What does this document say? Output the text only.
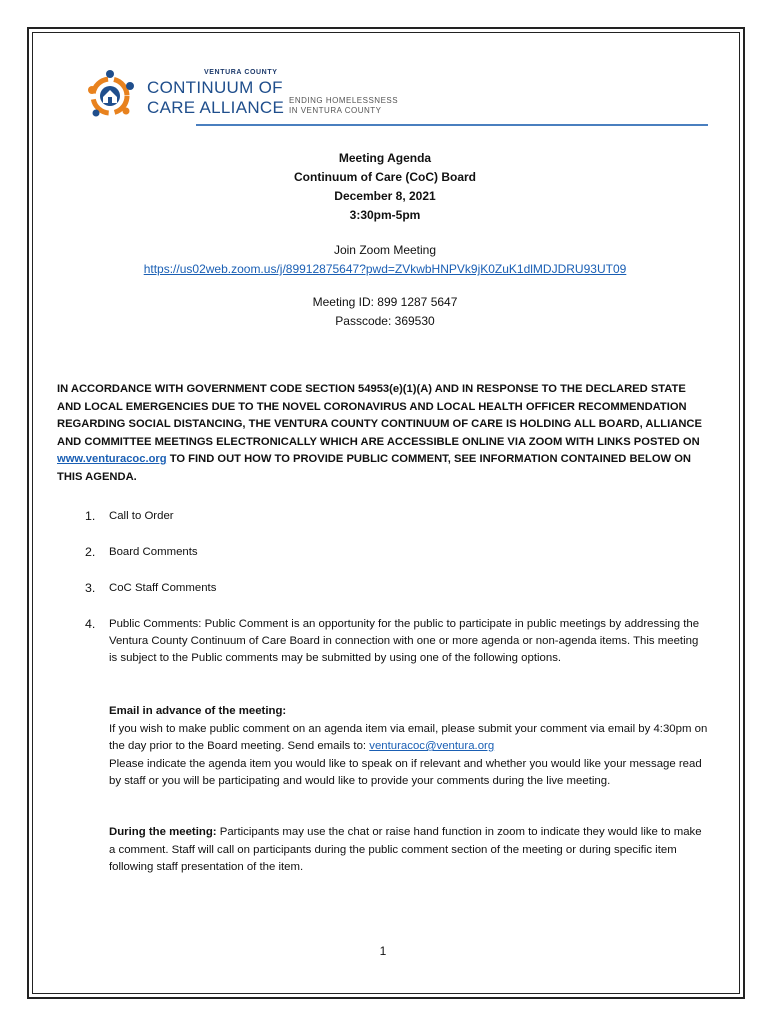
VENTURA COUNTY
CONTINUUM OF
CARE ALLIANCE ENDING HOMELESSNESS
IN VENTURA COUNTY
Meeting Agenda
Continuum of Care (CoC) Board
December 8, 2021
3:30pm-5pm
Join Zoom Meeting
https://us02web.zoom.us/j/89912875647?pwd=ZVkwbHNPVk9jK0ZuK1dlMDJDRU93UT09
Meeting ID: 899 1287 5647
Passcode: 369530
IN ACCORDANCE WITH GOVERNMENT CODE SECTION 54953(e)(1)(A) AND IN RESPONSE TO THE DECLARED STATE AND LOCAL EMERGENCIES DUE TO THE NOVEL CORONAVIRUS AND LOCAL HEALTH OFFICER RECOMMENDATION REGARDING SOCIAL DISTANCING, THE VENTURA COUNTY CONTINUUM OF CARE IS HOLDING ALL BOARD, ALLIANCE AND COMMITTEE MEETINGS ELECTRONICALLY WHICH ARE ACCESSIBLE ONLINE VIA ZOOM WITH LINKS POSTED ON www.venturacoc.org TO FIND OUT HOW TO PROVIDE PUBLIC COMMENT, SEE INFORMATION CONTAINED BELOW ON THIS AGENDA.
1. Call to Order
2. Board Comments
3. CoC Staff Comments
4. Public Comments: Public Comment is an opportunity for the public to participate in public meetings by addressing the Ventura County Continuum of Care Board in connection with one or more agenda or non-agenda items. This meeting is subject to the Public comments may be submitted by using one of the following options.
Email in advance of the meeting:
If you wish to make public comment on an agenda item via email, please submit your comment via email by 4:30pm on the day prior to the Board meeting. Send emails to: venturacoc@ventura.org
Please indicate the agenda item you would like to speak on if relevant and whether you would like your message read by staff or you will be participating and would like to provide your comments during the live meeting.
During the meeting: Participants may use the chat or raise hand function in zoom to indicate they would like to make a comment. Staff will call on participants during the public comment section of the meeting or during specific item following staff presentation of the item.
1
